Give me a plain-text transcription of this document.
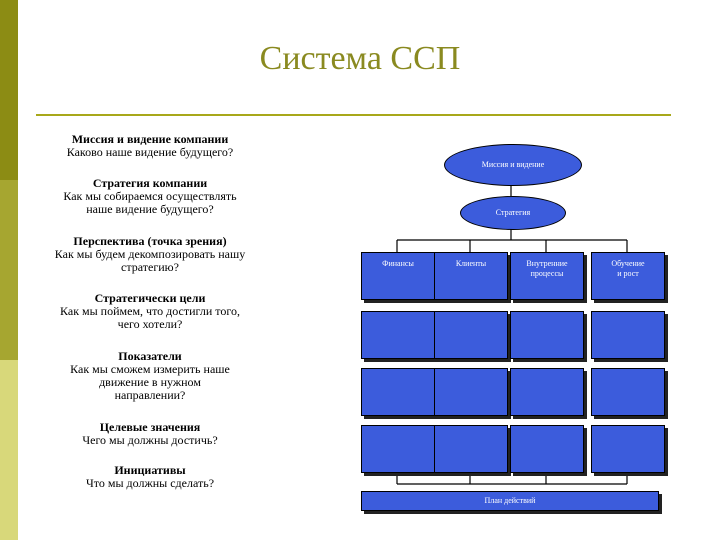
Система ССП
Миссия и видение компании
Каково наше видение будущего?
Стратегия компании
Как мы собираемся осуществлять наше видение будущего?
Перспектива (точка зрения)
Как мы будем декомпозировать нашу стратегию?
Стратегически цели
Как мы поймем, что достигли того, чего хотели?
Показатели
Как мы сможем измерить наше движение в нужном направлении?
Целевые значения
Чего мы должны достичь?
Инициативы
Что мы должны сделать?
Миссия и видение
Стратегия
Финансы	Клиенты	Внутренние процессы
Обучение и рост
План действий
